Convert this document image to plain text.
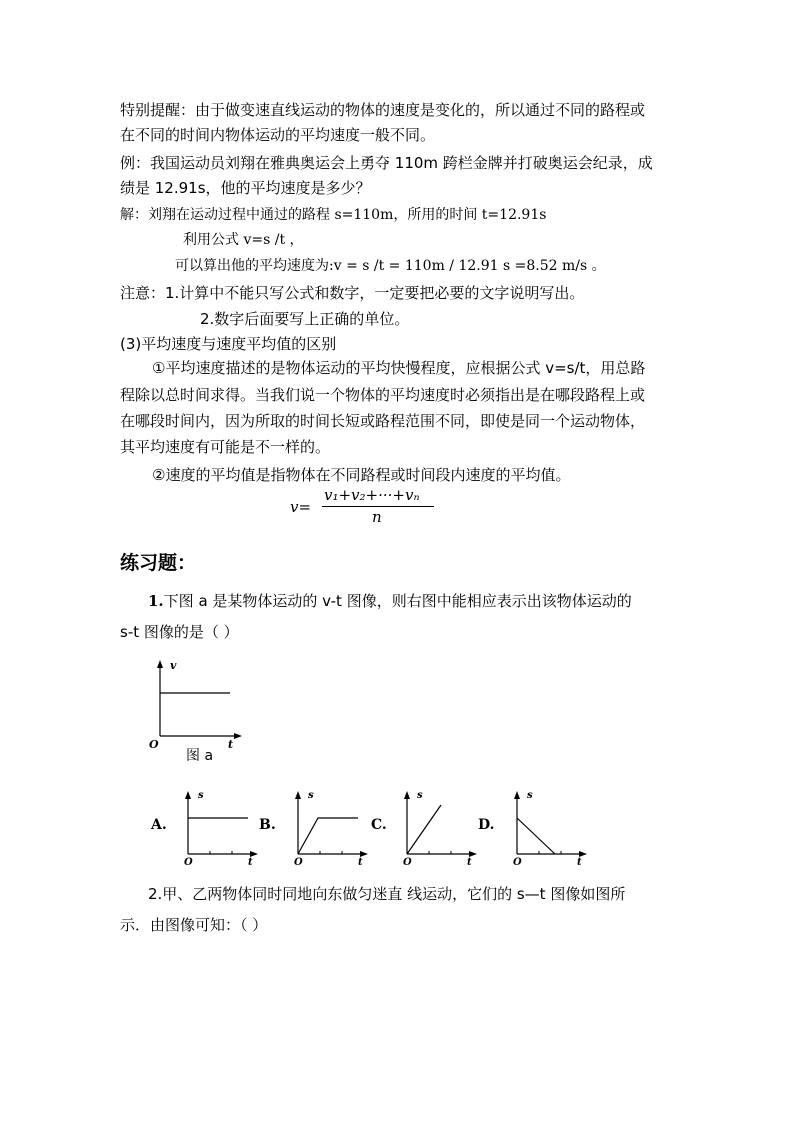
特别提醒：由于做变速直线运动的物体的速度是变化的，所以通过不同的路程或
在不同的时间内物体运动的平均速度一般不同。
例：我国运动员刘翔在雅典奥运会上勇夺 110m 跨栏金牌并打破奥运会纪录，成
绩是 12.91s，他的平均速度是多少？
解：刘翔在运动过程中通过的路程 s=110m，所用的时间 t=12.91s
利用公式 v=s /t ，
可以算出他的平均速度为:v = s /t = 110m / 12.91 s =8.52 m/s 。
注意：1.计算中不能只写公式和数字，一定要把必要的文字说明写出。
2.数字后面要写上正确的单位。
(3)平均速度与速度平均值的区别
①平均速度描述的是物体运动的平均快慢程度，应根据公式 v=s/t，用总路
程除以总时间求得。当我们说一个物体的平均速度时必须指出是在哪段路程上或
在哪段时间内，因为所取的时间长短或路程范围不同，即使是同一个运动物体，
其平均速度有可能是不一样的。
②速度的平均值是指物体在不同路程或时间段内速度的平均值。
v=
v₁+v₂+···+vₙ
n
练习题：
1.下图 a 是某物体运动的 v-t 图像，则右图中能相应表示出该物体运动的
s-t 图像的是（ ）
v
t
O
图 a
A.
s
t
O
B.
s
t
O
C.
s
t
O
D.
s
t
O
2.甲、乙两物体同时同地向东做匀迷直 线运动，它们的 s—t 图像如图所
示．由图像可知：（ ）
